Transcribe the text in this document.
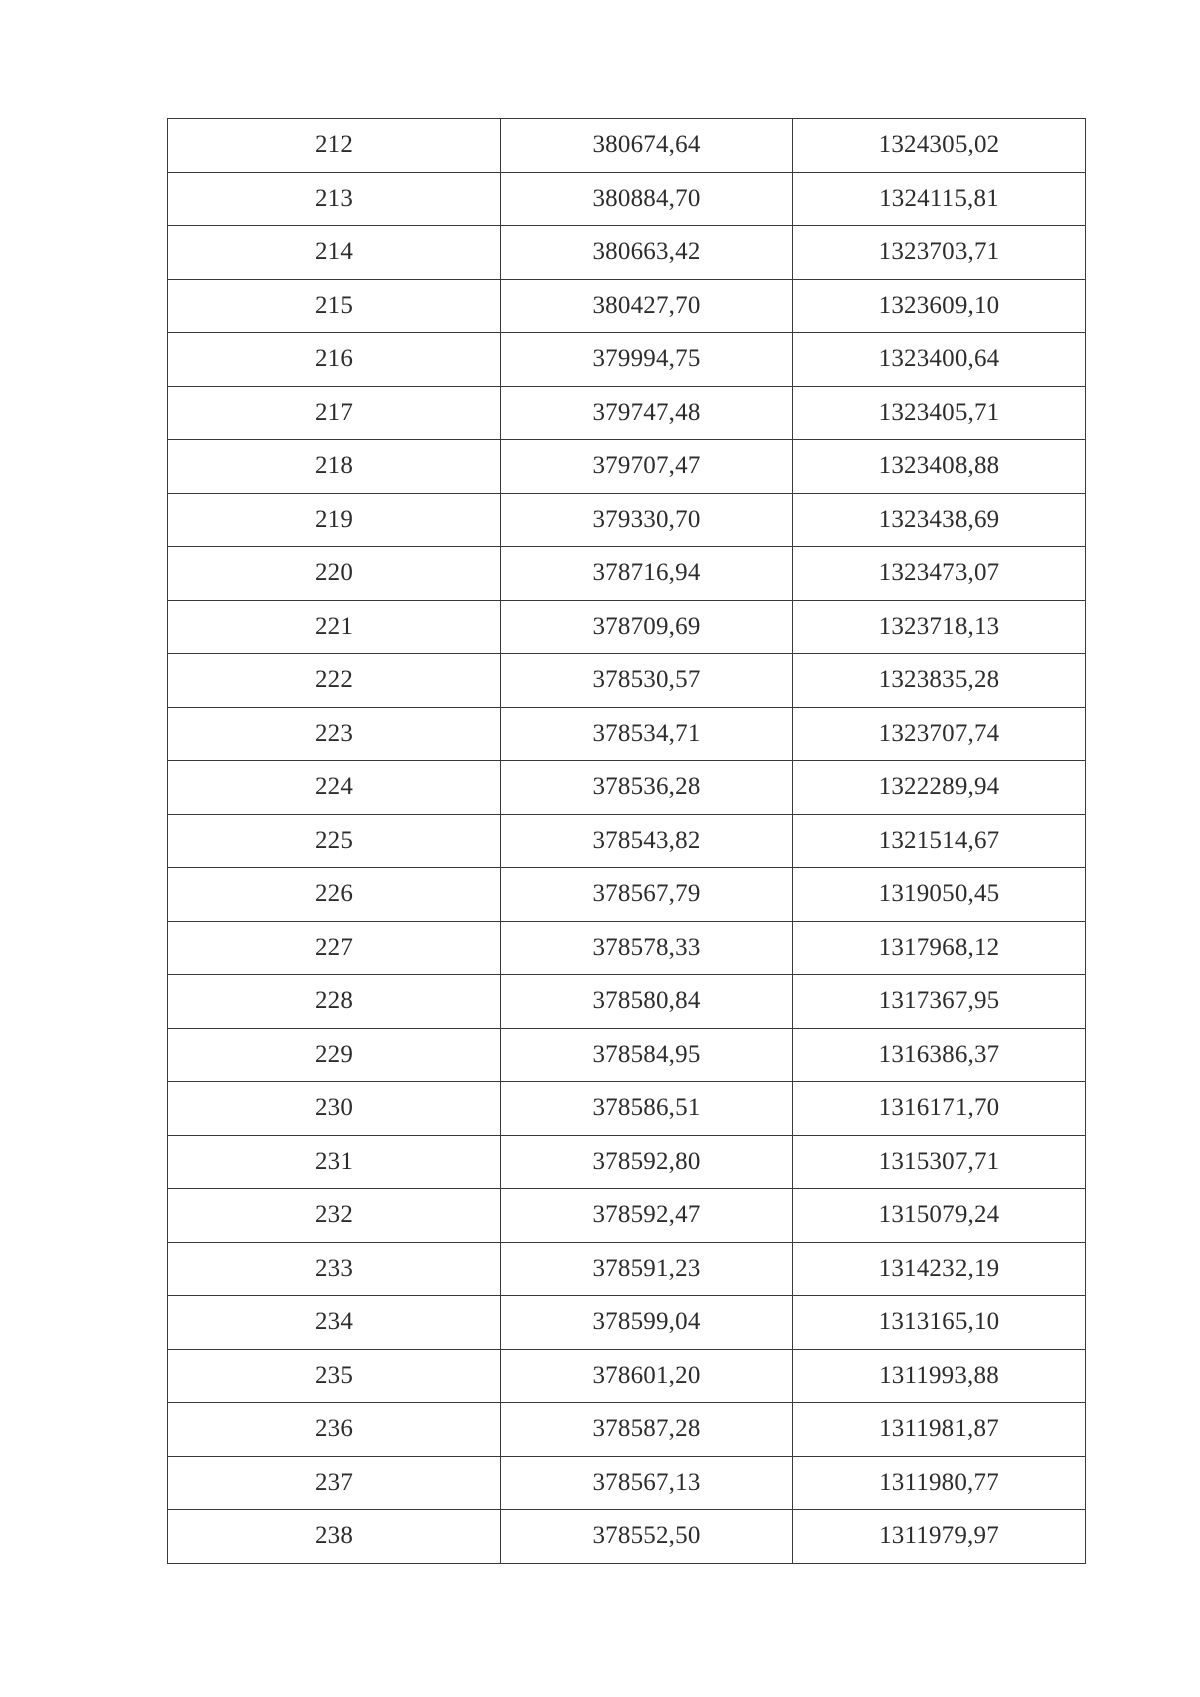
212	380674,64	1324305,02
213	380884,70	1324115,81
214	380663,42	1323703,71
215	380427,70	1323609,10
216	379994,75	1323400,64
217	379747,48	1323405,71
218	379707,47	1323408,88
219	379330,70	1323438,69
220	378716,94	1323473,07
221	378709,69	1323718,13
222	378530,57	1323835,28
223	378534,71	1323707,74
224	378536,28	1322289,94
225	378543,82	1321514,67
226	378567,79	1319050,45
227	378578,33	1317968,12
228	378580,84	1317367,95
229	378584,95	1316386,37
230	378586,51	1316171,70
231	378592,80	1315307,71
232	378592,47	1315079,24
233	378591,23	1314232,19
234	378599,04	1313165,10
235	378601,20	1311993,88
236	378587,28	1311981,87
237	378567,13	1311980,77
238	378552,50	1311979,97
